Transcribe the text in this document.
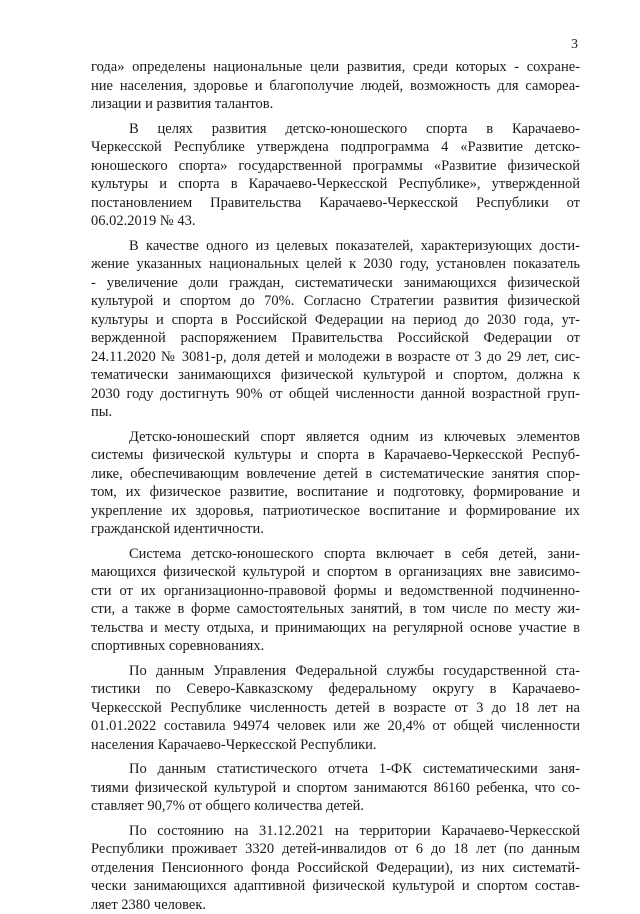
3
года» определены национальные цели развития, среди которых - сохране-
ние населения, здоровье и благополучие людей, возможность для самореа-
лизации и развития талантов.
В целях развития детско-юношеского спорта в Карачаево-
Черкесской Республике утверждена подпрограмма 4 «Развитие детско-
юношеского спорта» государственной программы «Развитие физической
культуры и спорта в Карачаево-Черкесской Республике», утвержденной
постановлением Правительства Карачаево-Черкесской Республики от
06.02.2019 № 43.
В качестве одного из целевых показателей, характеризующих дости-
жение указанных национальных целей к 2030 году, установлен показатель
- увеличение доли граждан, систематически занимающихся физической
культурой и спортом до 70%. Согласно Стратегии развития физической
культуры и спорта в Российской Федерации на период до 2030 года, ут-
вержденной распоряжением Правительства Российской Федерации от
24.11.2020 № 3081-р, доля детей и молодежи в возрасте от 3 до 29 лет, сис-
тематически занимающихся физической культурой и спортом, должна к
2030 году достигнуть 90% от общей численности данной возрастной груп-
пы.
Детско-юношеский спорт является одним из ключевых элементов
системы физической культуры и спорта в Карачаево-Черкесской Респуб-
лике, обеспечивающим вовлечение детей в систематические занятия спор-
том, их физическое развитие, воспитание и подготовку, формирование и
укрепление их здоровья, патриотическое воспитание и формирование их
гражданской идентичности.
Система детско-юношеского спорта включает в себя детей, зани-
мающихся физической культурой и спортом в организациях вне зависимо-
сти от их организационно-правовой формы и ведомственной подчиненно-
сти, а также в форме самостоятельных занятий, в том числе по месту жи-
тельства и месту отдыха, и принимающих на регулярной основе участие в
спортивных соревнованиях.
По данным Управления Федеральной службы государственной ста-
тистики по Северо-Кавказскому федеральному округу в Карачаево-
Черкесской Республике численность детей в возрасте от 3 до 18 лет на
01.01.2022 составила 94974 человек или же 20,4% от общей численности
населения Карачаево-Черкесской Республики.
По данным статистического отчета 1-ФК систематическими заня-
тиями физической культурой и спортом занимаются 86160 ребенка, что со-
ставляет 90,7% от общего количества детей.
По состоянию на 31.12.2021 на территории Карачаево-Черкесской
Республики проживает 3320 детей-инвалидов от 6 до 18 лет (по данным
отделения Пенсионного фонда Российской Федерации), из них систематй-
чески занимающихся адаптивной физической культурой и спортом состав-
ляет 2380 человек.
